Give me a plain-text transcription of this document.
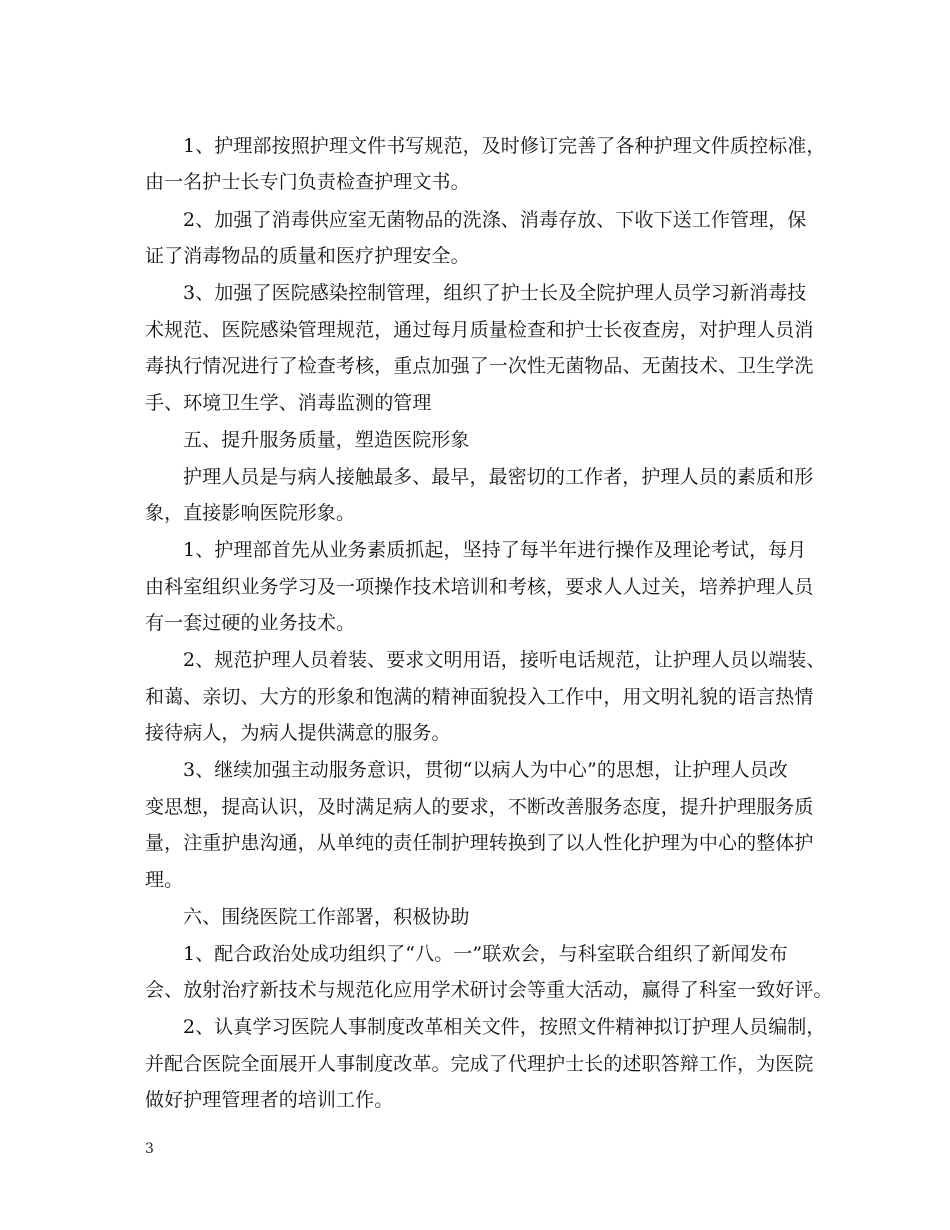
1、护理部按照护理文件书写规范，及时修订完善了各种护理文件质控标准，
由一名护士长专门负责检查护理文书。
2、加强了消毒供应室无菌物品的洗涤、消毒存放、下收下送工作管理，保
证了消毒物品的质量和医疗护理安全。
3、加强了医院感染控制管理，组织了护士长及全院护理人员学习新消毒技
术规范、医院感染管理规范，通过每月质量检查和护士长夜查房，对护理人员消
毒执行情况进行了检查考核，重点加强了一次性无菌物品、无菌技术、卫生学洗
手、环境卫生学、消毒监测的管理
五、提升服务质量，塑造医院形象
护理人员是与病人接触最多、最早，最密切的工作者，护理人员的素质和形
象，直接影响医院形象。
1、护理部首先从业务素质抓起，坚持了每半年进行操作及理论考试，每月
由科室组织业务学习及一项操作技术培训和考核，要求人人过关，培养护理人员
有一套过硬的业务技术。
2、规范护理人员着装、要求文明用语，接听电话规范，让护理人员以端装、
和蔼、亲切、大方的形象和饱满的精神面貌投入工作中，用文明礼貌的语言热情
接待病人，为病人提供满意的服务。
3、继续加强主动服务意识，贯彻“以病人为中心”的思想，让护理人员改
变思想，提高认识，及时满足病人的要求，不断改善服务态度，提升护理服务质
量，注重护患沟通，从单纯的责任制护理转换到了以人性化护理为中心的整体护
理。
六、围绕医院工作部署，积极协助
1、配合政治处成功组织了“八。一”联欢会，与科室联合组织了新闻发布
会、放射治疗新技术与规范化应用学术研讨会等重大活动，赢得了科室一致好评。
2、认真学习医院人事制度改革相关文件，按照文件精神拟订护理人员编制，
并配合医院全面展开人事制度改革。完成了代理护士长的述职答辩工作，为医院
做好护理管理者的培训工作。
3
